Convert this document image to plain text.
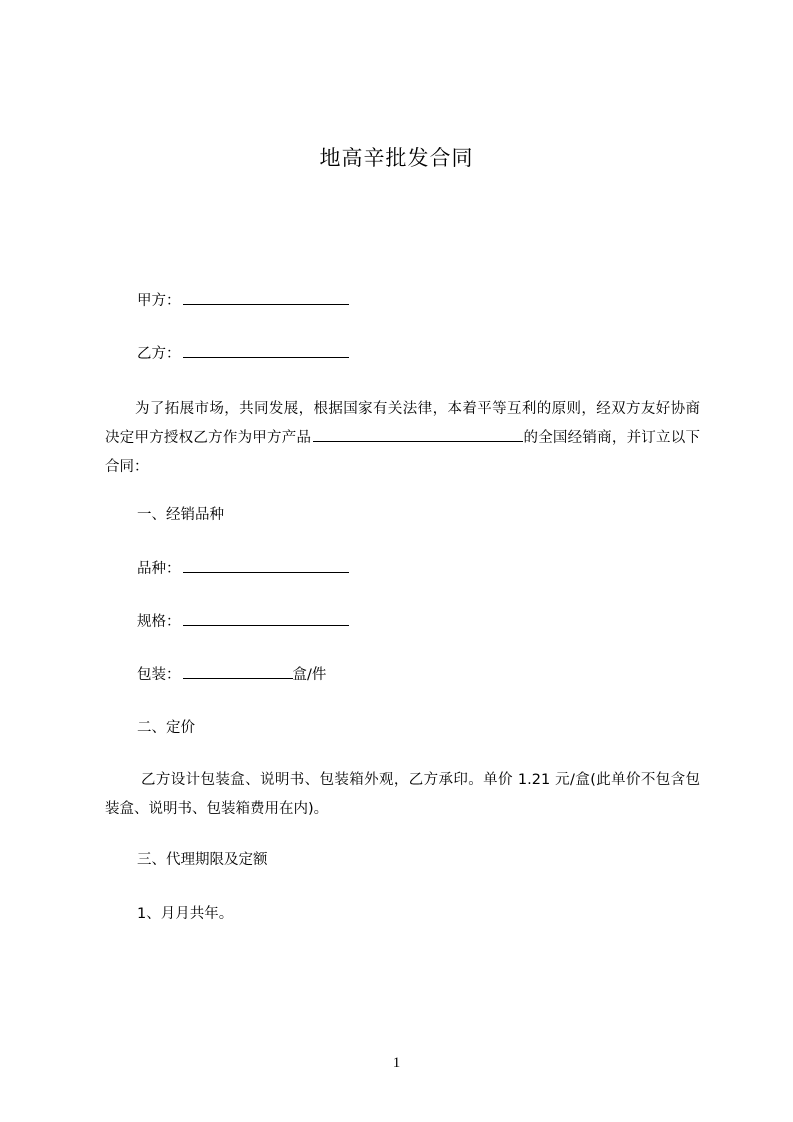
地高辛批发合同
甲方：
乙方：
为了拓展市场，共同发展，根据国家有关法律，本着平等互利的原则，经双方友好协商决定甲方授权乙方作为甲方产品	的全国经销商，并订立以下合同：
一、经销品种
品种：
规格：
包装：	盒/件
二、定价
乙方设计包装盒、说明书、包装箱外观，乙方承印。单价 1.21 元/盒(此单价不包含包装盒、说明书、包装箱费用在内)。
三、代理期限及定额
1、月月共年。
1
